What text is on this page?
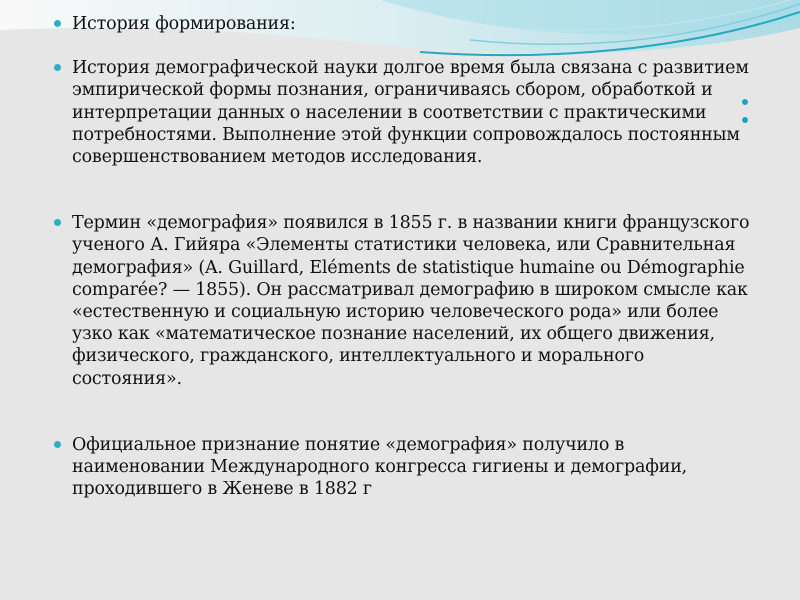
История формирования:
История демографической науки долгое время была связана с развитием эмпирической формы познания, ограничиваясь сбором, обработкой и интерпретации данных о населении в соответствии с практическими потребностями. Выполнение этой функции сопровождалось постоянным совершенствованием методов исследования.
Термин «демография» появился в 1855 г. в названии книги французского ученого А. Гийяра «Элементы статистики человека, или Сравнительная демография» (A. Guillard, Eléments de statistique humaine ou Démographie comparée? — 1855). Он рассматривал демографию в широком смысле как «естественную и социальную историю человеческого рода» или более узко как «математическое познание населений, их общего движения, физического, гражданского, интеллектуального и морального состояния».
Официальное признание понятие «демография» получило в наименовании Международного конгресса гигиены и демографии, проходившего в Женеве в 1882 г
